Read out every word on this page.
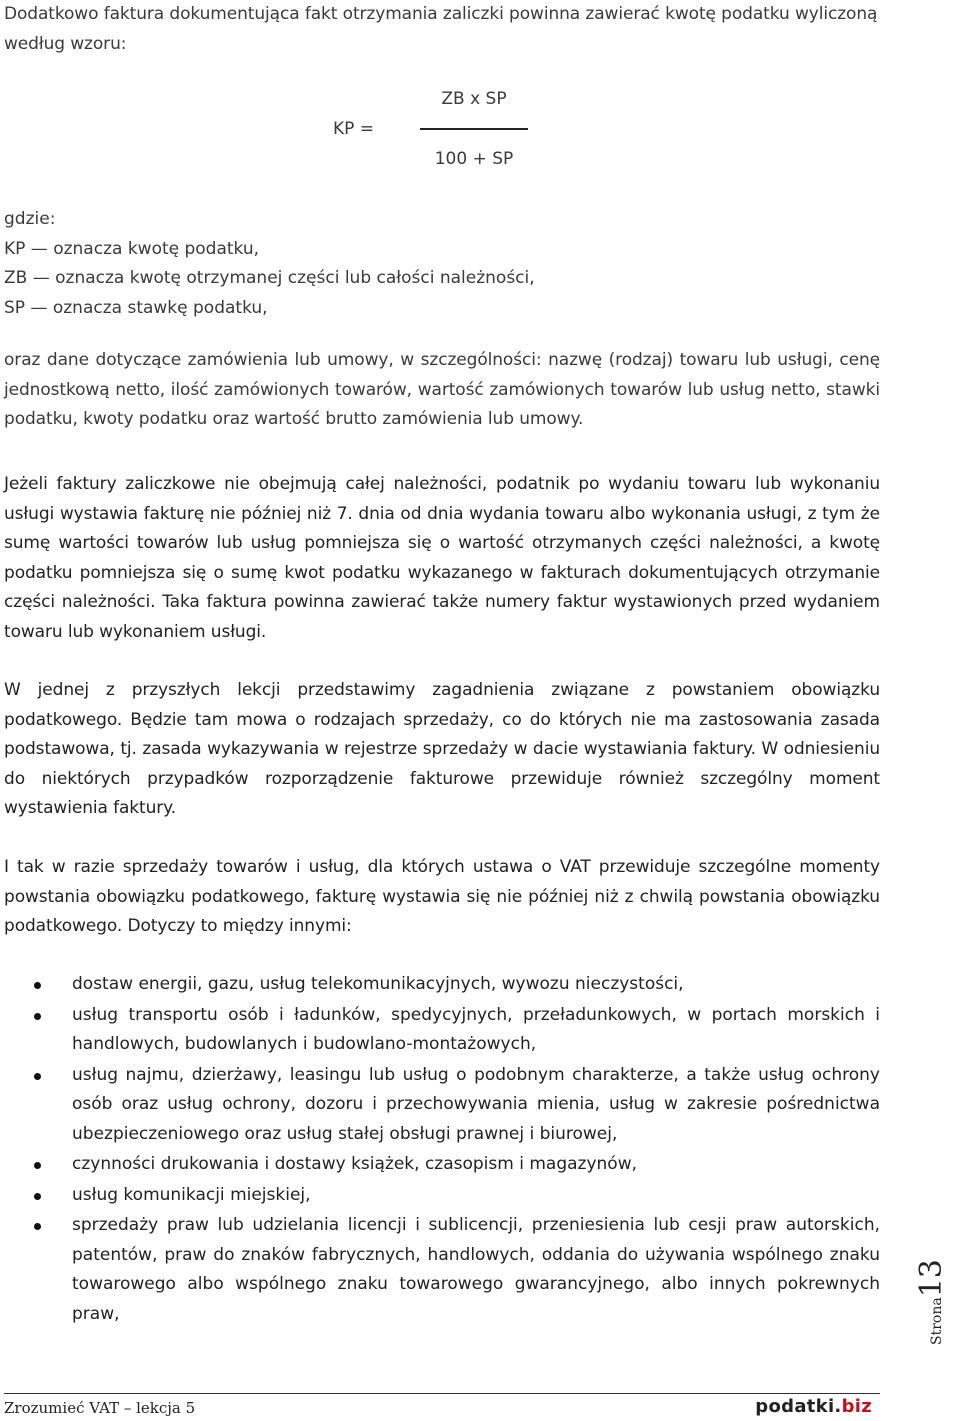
Dodatkowo faktura dokumentująca fakt otrzymania zaliczki powinna zawierać kwotę podatku wyliczoną według wzoru:

KP =
ZB x SP
100 + SP
gdzie:
KP — oznacza kwotę podatku,
ZB — oznacza kwotę otrzymanej części lub całości należności,
SP — oznacza stawkę podatku,

oraz dane dotyczące zamówienia lub umowy, w szczególności: nazwę (rodzaj) towaru lub usługi, cenę jednostkową netto, ilość zamówionych towarów, wartość zamówionych towarów lub usług netto, stawki podatku, kwoty podatku oraz wartość brutto zamówienia lub umowy.

Jeżeli faktury zaliczkowe nie obejmują całej należności, podatnik po wydaniu towaru lub wykonaniu usługi wystawia fakturę nie później niż 7. dnia od dnia wydania towaru albo wykonania usługi, z tym że sumę wartości towarów lub usług pomniejsza się o wartość otrzymanych części należności, a kwotę podatku pomniejsza się o sumę kwot podatku wykazanego w fakturach dokumentujących otrzymanie części należności. Taka faktura powinna zawierać także numery faktur wystawionych przed wydaniem towaru lub wykonaniem usługi.

W jednej z przyszłych lekcji przedstawimy zagadnienia związane z powstaniem obowiązku podatkowego. Będzie tam mowa o rodzajach sprzedaży, co do których nie ma zastosowania zasada podstawowa, tj. zasada wykazywania w rejestrze sprzedaży w dacie wystawiania faktury. W odniesieniu do niektórych przypadków rozporządzenie fakturowe przewiduje również szczególny moment wystawienia faktury.

I tak w razie sprzedaży towarów i usług, dla których ustawa o VAT przewiduje szczególne momenty powstania obowiązku podatkowego, fakturę wystawia się nie później niż z chwilą powstania obowiązku podatkowego. Dotyczy to między innymi:

dostaw energii, gazu, usług telekomunikacyjnych, wywozu nieczystości,
usług transportu osób i ładunków, spedycyjnych, przeładunkowych, w portach morskich i handlowych, budowlanych i budowlano-montażowych,
usług najmu, dzierżawy, leasingu lub usług o podobnym charakterze, a także usług ochrony osób oraz usług ochrony, dozoru i przechowywania mienia, usług w zakresie pośrednictwa ubezpieczeniowego oraz usług stałej obsługi prawnej i biurowej,
czynności drukowania i dostawy książek, czasopism i magazynów,
usług komunikacji miejskiej,
sprzedaży praw lub udzielania licencji i sublicencji, przeniesienia lub cesji praw autorskich, patentów, praw do znaków fabrycznych, handlowych, oddania do używania wspólnego znaku towarowego albo wspólnego znaku towarowego gwarancyjnego, albo innych pokrewnych praw,	Strona13
Zrozumieć VAT – lekcja 5	podatki.biz
